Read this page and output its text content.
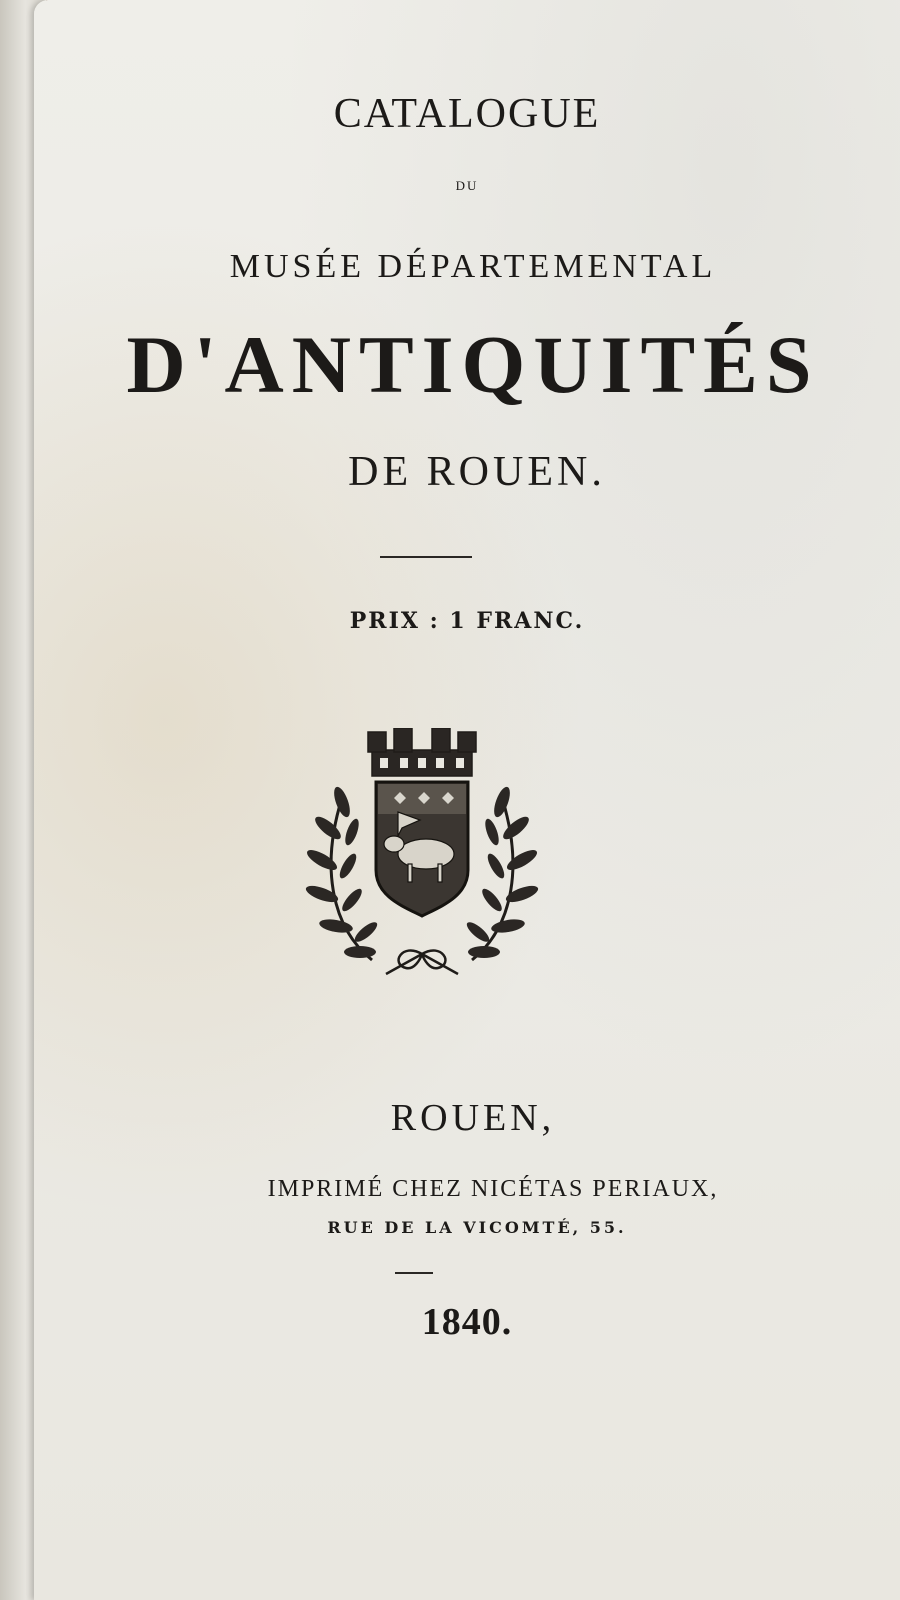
CATALOGUE
DU
MUSÉE DÉPARTEMENTAL
D'ANTIQUITÉS
DE ROUEN.
PRIX : 1 FRANC.
ROUEN,
IMPRIMÉ CHEZ NICÉTAS PERIAUX,
RUE DE LA VICOMTÉ, 55.
1840.
